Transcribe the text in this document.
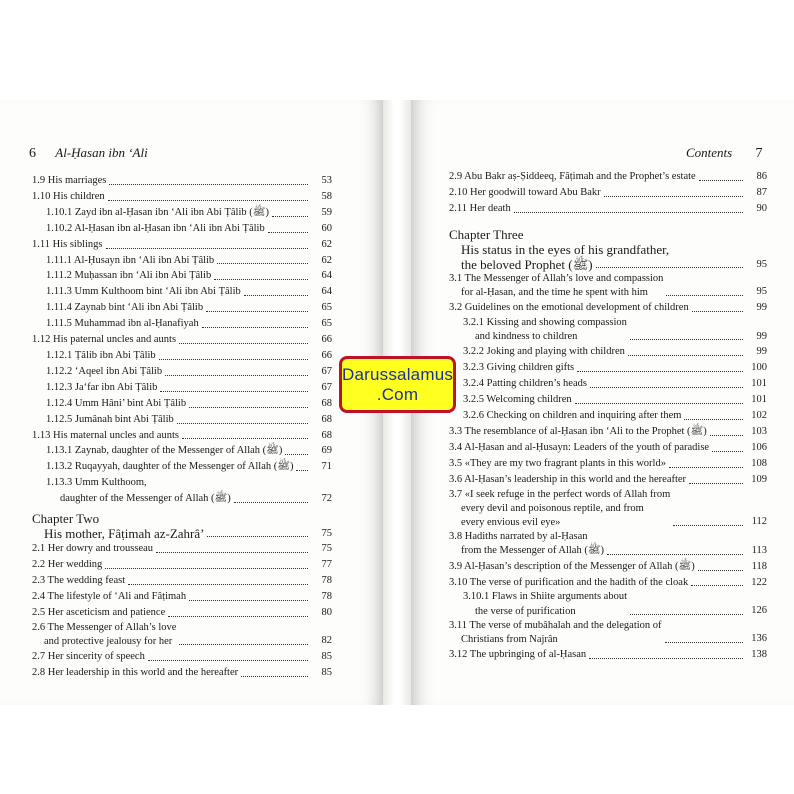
6 Al-Ḥasan ibn ‘Ali	Contents 7
1.9 His marriages	53
1.10 His children	58
1.10.1 Zayd ibn al-Ḥasan ibn ‘Ali ibn Abi Ṭâlib (ﷺ)	59
1.10.2 Al-Ḥasan ibn al-Ḥasan ibn ‘Ali ibn Abi Ṭâlib	60
1.11 His siblings	62
1.11.1 Al-Ḥusayn ibn ‘Ali ibn Abi Ṭâlib	62
1.11.2 Muḥassan ibn ‘Ali ibn Abi Ṭâlib	64
1.11.3 Umm Kulthoom bint ‘Ali ibn Abi Ṭâlib	64
1.11.4 Zaynab bint ‘Ali ibn Abi Ṭâlib	65
1.11.5 Muhammad ibn al-Ḥanafiyah	65
1.12 His paternal uncles and aunts	66
1.12.1 Ṭâlib ibn Abi Ṭâlib	66
1.12.2 ‘Aqeel ibn Abi Ṭâlib	67
1.12.3 Ja‘far ibn Abi Ṭâlib	67
1.12.4 Umm Hâni’ bint Abi Ṭâlib	68
1.12.5 Jumânah bint Abi Ṭâlib	68
1.13 His maternal uncles and aunts	68
1.13.1 Zaynab, daughter of the Messenger of Allah (ﷺ)	69
1.13.2 Ruqayyah, daughter of the Messenger of Allah (ﷺ)	71
1.13.3 Umm Kulthoom,
daughter of the Messenger of Allah (ﷺ)	72
Chapter Two
His mother, Fâṭimah az-Zahrâ’	75
2.1 Her dowry and trousseau	75
2.2 Her wedding	77
2.3 The wedding feast	78
2.4 The lifestyle of ‘Ali and Fâṭimah	78
2.5 Her asceticism and patience	80
2.6 The Messenger of Allah’s love
and protective jealousy for her	82
2.7 Her sincerity of speech	85
2.8 Her leadership in this world and the hereafter	85
2.9 Abu Bakr aṣ-Ṣiddeeq, Fâṭimah and the Prophet’s estate	86
2.10 Her goodwill toward Abu Bakr	87
2.11 Her death	90
Chapter Three
His status in the eyes of his grandfather,
the beloved Prophet (ﷺ)	95
3.1 The Messenger of Allah’s love and compassion
for al-Ḥasan, and the time he spent with him	95
3.2 Guidelines on the emotional development of children	99
3.2.1 Kissing and showing compassion
and kindness to children	99
3.2.2 Joking and playing with children	99
3.2.3 Giving children gifts	100
3.2.4 Patting children’s heads	101
3.2.5 Welcoming children	101
3.2.6 Checking on children and inquiring after them	102
3.3 The resemblance of al-Ḥasan ibn ‘Ali to the Prophet (ﷺ)	103
3.4 Al-Ḥasan and al-Ḥusayn: Leaders of the youth of paradise	106
3.5 «They are my two fragrant plants in this world»	108
3.6 Al-Ḥasan’s leadership in this world and the hereafter	109
3.7 «I seek refuge in the perfect words of Allah from
every devil and poisonous reptile, and from
every envious evil eye»	112
3.8 Hadiths narrated by al-Ḥasan
from the Messenger of Allah (ﷺ)	113
3.9 Al-Ḥasan’s description of the Messenger of Allah (ﷺ)	118
3.10 The verse of purification and the hadith of the cloak	122
3.10.1 Flaws in Shiite arguments about
the verse of purification	126
3.11 The verse of mubâhalah and the delegation of
Christians from Najrân	136
3.12 The upbringing of al-Ḥasan	138
Darussalamus
.Com
